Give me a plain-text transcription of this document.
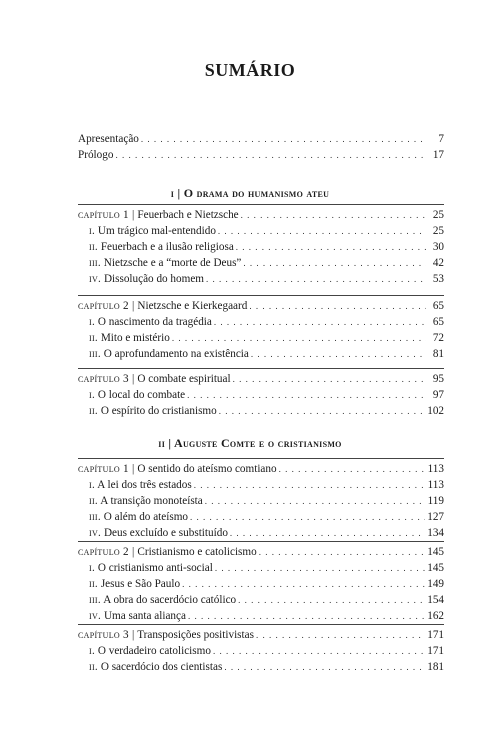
SUMÁRIO
Apresentação . . .	7
Prólogo . . .	17
i | O drama do humanismo ateu
capítulo 1 | Feuerbach e Nietzsche . . .	25
i. Um trágico mal-entendido . . .	25
ii. Feuerbach e a ilusão religiosa . . .	30
iii. Nietzsche e a “morte de Deus” . . .	42
iv. Dissolução do homem . . .	53
capítulo 2 | Nietzsche e Kierkegaard . . .	65
i. O nascimento da tragédia . . .	65
ii. Mito e mistério . . .	72
iii. O aprofundamento na existência . . .	81
capítulo 3 | O combate espiritual . . .	95
i. O local do combate . . .	97
ii. O espírito do cristianismo . . .	102
ii | Auguste Comte e o cristianismo
capítulo 1 | O sentido do ateísmo comtiano . . .	113
i. A lei dos três estados . . .	113
ii. A transição monoteísta . . .	119
iii. O além do ateísmo . . .	127
iv. Deus excluído e substituído . . .	134
capítulo 2 | Cristianismo e catolicismo . . .	145
i. O cristianismo anti-social . . .	145
ii. Jesus e São Paulo . . .	149
iii. A obra do sacerdócio católico . . .	154
iv. Uma santa aliança . . .	162
capítulo 3 | Transposições positivistas . . .	171
i. O verdadeiro catolicismo . . .	171
ii. O sacerdócio dos cientistas . . .	181
